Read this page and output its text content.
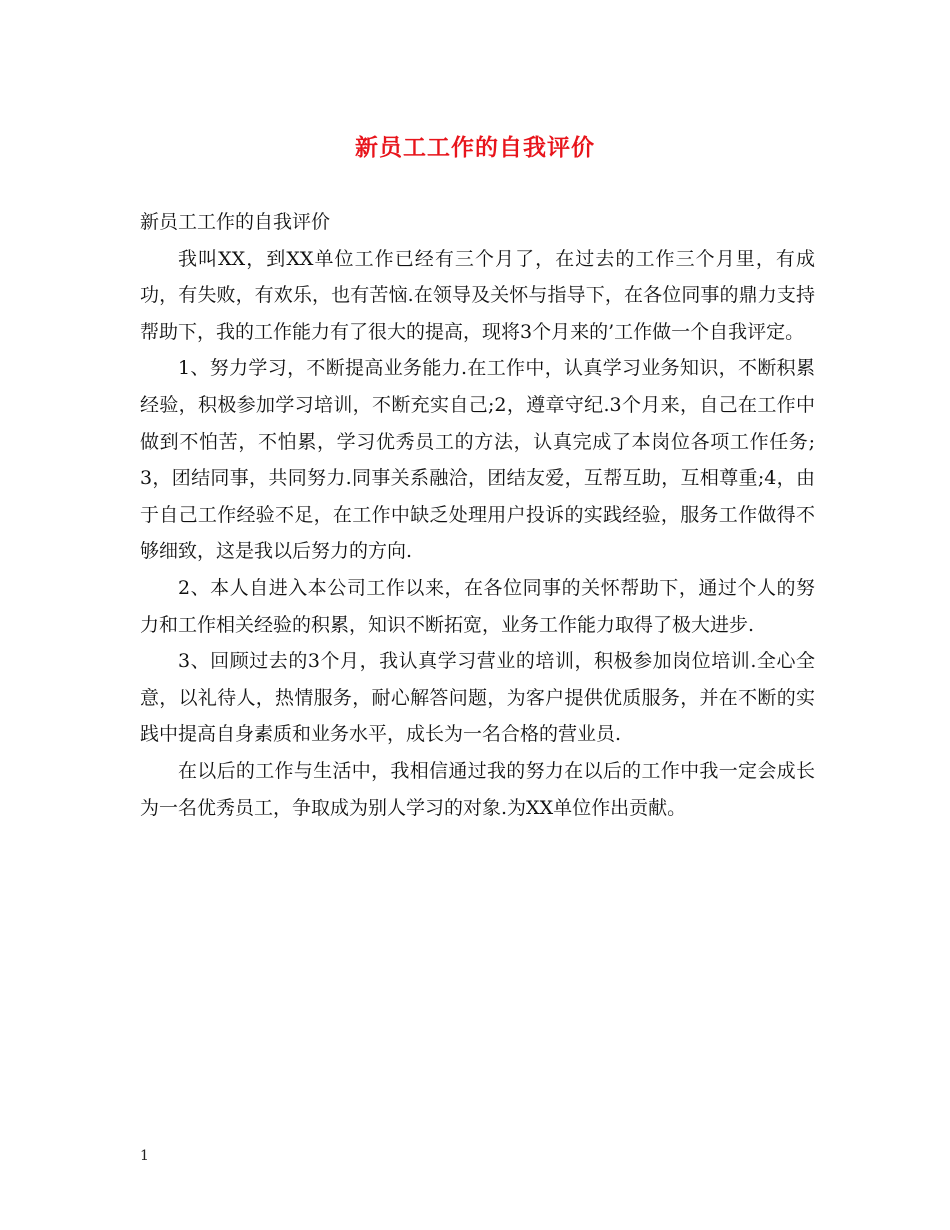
新员工工作的自我评价

新员工工作的自我评价

我叫XX，到XX单位工作已经有三个月了，在过去的工作三个月里，有成功，有失败，有欢乐，也有苦恼.在领导及关怀与指导下，在各位同事的鼎力支持帮助下，我的工作能力有了很大的提高，现将3个月来的’工作做一个自我评定。

1、努力学习，不断提高业务能力.在工作中，认真学习业务知识，不断积累经验，积极参加学习培训，不断充实自己;2，遵章守纪.3个月来，自己在工作中做到不怕苦，不怕累，学习优秀员工的方法，认真完成了本岗位各项工作任务;3，团结同事，共同努力.同事关系融洽，团结友爱，互帮互助，互相尊重;4，由于自己工作经验不足，在工作中缺乏处理用户投诉的实践经验，服务工作做得不够细致，这是我以后努力的方向.

2、本人自进入本公司工作以来，在各位同事的关怀帮助下，通过个人的努力和工作相关经验的积累，知识不断拓宽，业务工作能力取得了极大进步.

3、回顾过去的3个月，我认真学习营业的培训，积极参加岗位培训.全心全意，以礼待人，热情服务，耐心解答问题，为客户提供优质服务，并在不断的实践中提高自身素质和业务水平，成长为一名合格的营业员.

在以后的工作与生活中，我相信通过我的努力在以后的工作中我一定会成长为一名优秀员工，争取成为别人学习的对象.为XX单位作出贡献。

1
